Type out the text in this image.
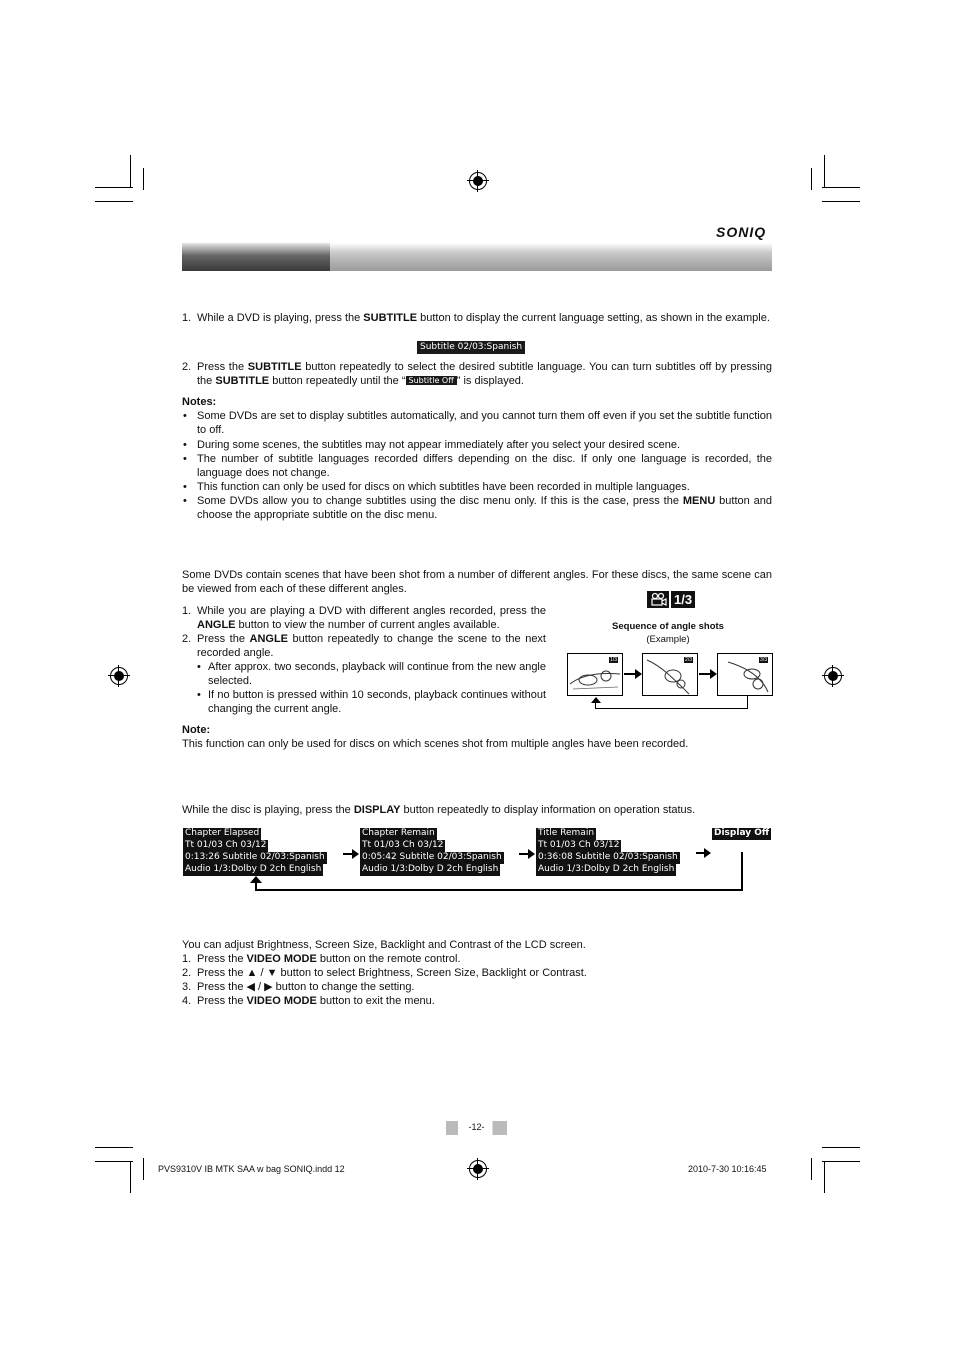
SONIQ
1. While a DVD is playing, press the SUBTITLE button to display the current language setting, as shown in the example.
Subtitle 02/03:Spanish
2. Press the SUBTITLE button repeatedly to select the desired subtitle language. You can turn subtitles off by pressing the SUBTITLE button repeatedly until the “ Subtitle Off ” is displayed.
Notes:
• Some DVDs are set to display subtitles automatically, and you cannot turn them off even if you set the subtitle function to off.
• During some scenes, the subtitles may not appear immediately after you select your desired scene.
• The number of subtitle languages recorded differs depending on the disc. If only one language is recorded, the language does not change.
• This function can only be used for discs on which subtitles have been recorded in multiple languages.
• Some DVDs allow you to change subtitles using the disc menu only. If this is the case, press the MENU button and choose the appropriate subtitle on the disc menu.
Some DVDs contain scenes that have been shot from a number of different angles. For these discs, the same scene can be viewed from each of these different angles.
1. While you are playing a DVD with different angles recorded, press the ANGLE button to view the number of current angles available.
2. Press the ANGLE button repeatedly to change the scene to the next recorded angle.
• After approx. two seconds, playback will continue from the new angle selected.
• If no button is pressed within 10 seconds, playback continues without changing the current angle.
1/3
Sequence of angle shots
(Example)
1/3	2/3	3/3
Note:
This function can only be used for discs on which scenes shot from multiple angles have been recorded.
While the disc is playing, press the DISPLAY button repeatedly to display information on operation status.
Chapter Elapsed
Tt 01/03 Ch 03/12
0:13:26 Subtitle 02/03:Spanish
Audio 1/3:Dolby D 2ch English
Chapter Remain
Tt 01/03 Ch 03/12
0:05:42 Subtitle 02/03:Spanish
Audio 1/3:Dolby D 2ch English
Title Remain
Tt 01/03 Ch 03/12
0:36:08 Subtitle 02/03:Spanish
Audio 1/3:Dolby D 2ch English
Display Off
You can adjust Brightness, Screen Size, Backlight and Contrast of the LCD screen.
1. Press the VIDEO MODE button on the remote control.
2. Press the ▲ / ▼ button to select Brightness, Screen Size, Backlight or Contrast.
3. Press the ◀ / ▶ button to change the setting.
4. Press the VIDEO MODE button to exit the menu.
-12-
PVS9310V IB MTK SAA w bag SONIQ.indd 12	2010-7-30 10:16:45
